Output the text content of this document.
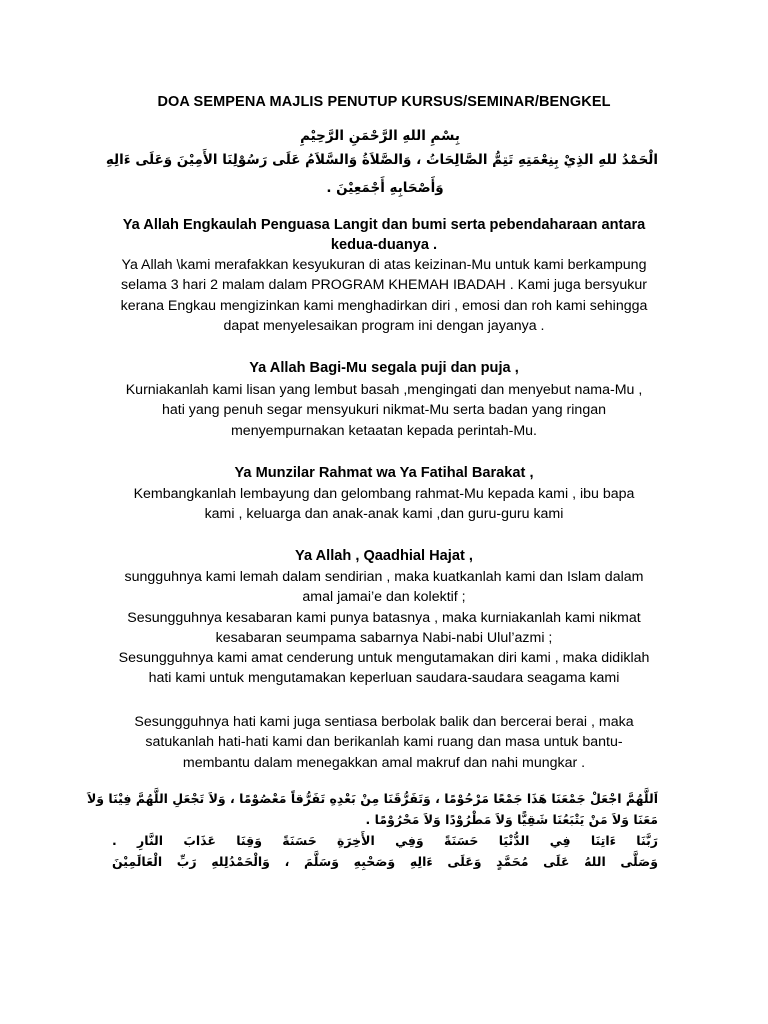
DOA SEMPENA MAJLIS PENUTUP KURSUS/SEMINAR/BENGKEL
بِسْمِ اللهِ الرَّحْمَنِ الرَّحِيْمِ
الْحَمْدُ للهِ الذِيْ بِنِعْمَتِهِ تَتِمُّ الصَّالِحَاتُ ، وَالصَّلاَةُ وَالسَّلاَمُ عَلَى رَسُوْلِنَا الأَمِيْنَ وَعَلَى ءَالِهِ
وَأَصْحَابِهِ أَجْمَعِيْنَ .
Ya Allah Engkaulah Penguasa Langit dan bumi serta pebendaharaan antara
kedua-duanya .
Ya Allah \kami merafakkan kesyukuran di atas keizinan-Mu untuk kami berkampung
selama 3 hari 2 malam dalam PROGRAM KHEMAH IBADAH . Kami juga bersyukur
kerana Engkau mengizinkan kami menghadirkan diri , emosi dan roh kami sehingga
dapat menyelesaikan program ini dengan jayanya .
Ya Allah Bagi-Mu segala puji dan puja ,
Kurniakanlah kami lisan yang lembut basah ,mengingati dan menyebut nama-Mu ,
hati yang penuh segar mensyukuri nikmat-Mu serta badan yang ringan
menyempurnakan ketaatan kepada perintah-Mu.
Ya Munzilar Rahmat wa Ya Fatihal Barakat ,
Kembangkanlah lembayung dan gelombang rahmat-Mu kepada kami , ibu bapa
kami , keluarga dan anak-anak kami ,dan guru-guru kami
Ya Allah , Qaadhial Hajat ,
sungguhnya kami lemah dalam sendirian , maka kuatkanlah kami dan Islam dalam
amal jamai’e dan kolektif ;
Sesungguhnya kesabaran kami punya batasnya , maka kurniakanlah kami nikmat
kesabaran seumpama sabarnya Nabi-nabi Ulul’azmi ;
Sesungguhnya kami amat cenderung untuk mengutamakan diri kami , maka didiklah
hati kami untuk mengutamakan keperluan saudara-saudara seagama kami
Sesungguhnya hati kami juga sentiasa berbolak balik dan bercerai berai , maka
satukanlah hati-hati kami dan berikanlah kami ruang dan masa untuk bantu-
membantu dalam menegakkan amal makruf dan nahi mungkar .
اَللَّهُمَّ اجْعَلْ جَمْعَنَا هَذَا جَمْعًا مَرْحُوْمًا ، وَتَفَرُّقَنَا مِنْ بَعْدِهِ تَفَرُّقاً مَعْصُوْمًا ، وَلاَ تَجْعَلِ اللَّهُمَّ فِيْنَا وَلاَ
مَعَنَا وَلاَ مَنْ يَتْبَعُنَا شَقِيًّا وَلاَ مَطْرُوْدًا وَلاَ مَحْرُوْمًا .
رَبَّنَا ءَاتِنَا فِي الدُّنْيَا حَسَنَةً وَفِي الأَخِرَةِ حَسَنَةً وَقِنَا عَذَابَ النَّارِ .
وَصَلَّى اللهُ عَلَى مُحَمَّدٍ وَعَلَى ءَالِهِ وَصَحْبِهِ وَسَلَّمَ ، وَالْحَمْدُلِلهِ رَبِّ الْعَالَمِيْنَ
